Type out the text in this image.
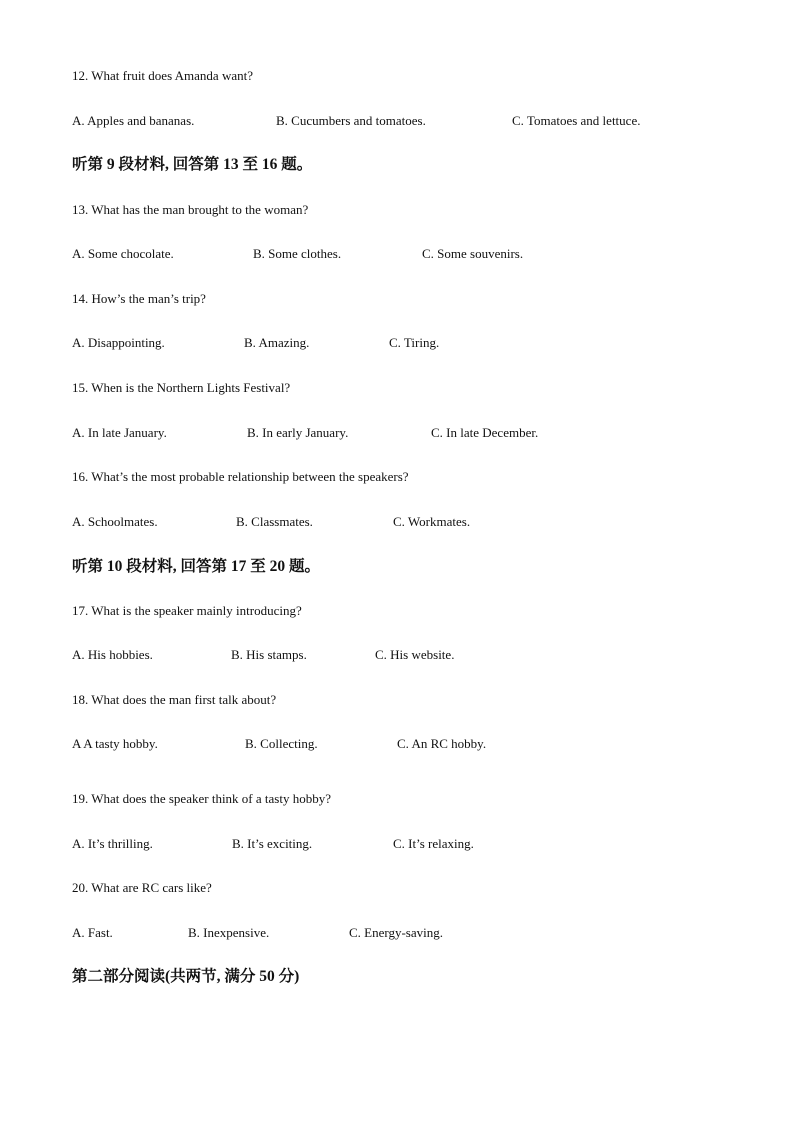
12. What fruit does Amanda want?
A. Apples and bananas.	B. Cucumbers and tomatoes.	C. Tomatoes and lettuce.
听第 9 段材料, 回答第 13 至 16 题。
13. What has the man brought to the woman?
A. Some chocolate.	B. Some clothes.	C. Some souvenirs.
14. How’s the man’s trip?
A. Disappointing.	B. Amazing.	C. Tiring.
15. When is the Northern Lights Festival?
A. In late January.	B. In early January.	C. In late December.
16. What’s the most probable relationship between the speakers?
A. Schoolmates.	B. Classmates.	C. Workmates.
听第 10 段材料, 回答第 17 至 20 题。
17. What is the speaker mainly introducing?
A. His hobbies.	B. His stamps.	C. His website.
18. What does the man first talk about?
A A tasty hobby.	B. Collecting.	C. An RC hobby.
19. What does the speaker think of a tasty hobby?
A. It’s thrilling.	B. It’s exciting.	C. It’s relaxing.
20. What are RC cars like?
A. Fast.	B. Inexpensive.	C. Energy-saving.
第二部分阅读(共两节, 满分 50 分)
